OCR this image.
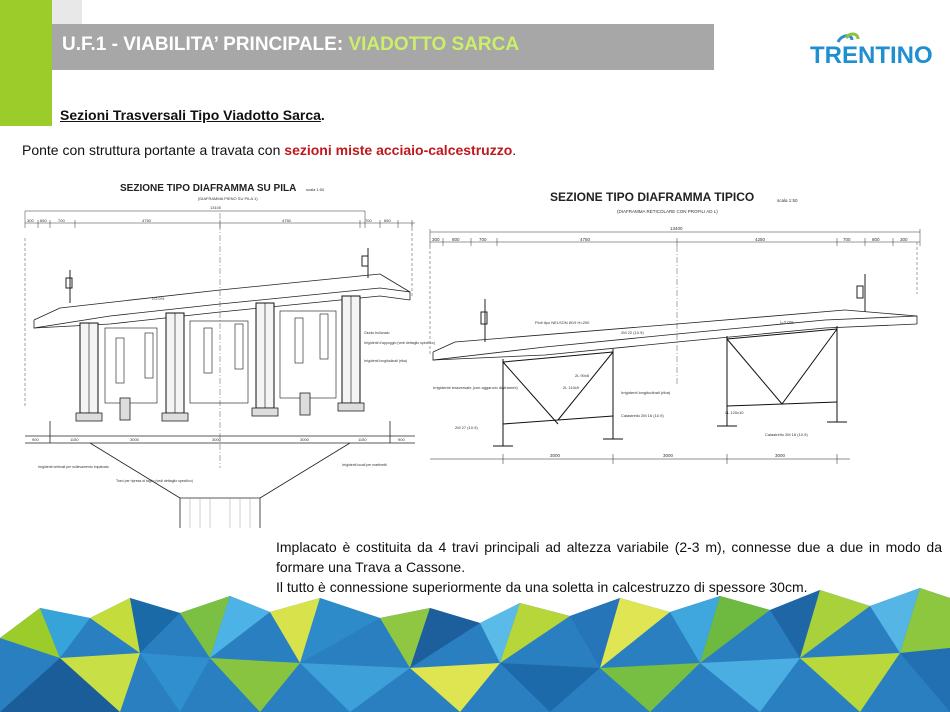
U.F.1 - VIABILITA’ PRINCIPALE: VIADOTTO SARCA	TRENTINO
Sezioni Trasversali Tipo Viadotto Sarca.
Ponte con struttura portante a travata con sezioni miste acciaio-calcestruzzo.
SEZIONE TIPO DIAFRAMMA SU PILA scala 1:50
(DIAFRAMMA PIENO SU PILA 1)
13100
300 650	700	4750	4750	700	650
i=2.0%
900	1150	3000	3000	3000	1150	900
Giunto bullonato
Irrigidenti d'appoggio (vedi dettaglio specifico)
Irrigidenti longitudinali (riba)
Irrigidenti verticali per sollevamento impalcato	Irrigidenti locali per martinetti
Travi per ripresa di taglio (vedi dettaglio specifico)
SEZIONE TIPO DIAFRAMMA TIPICO	scala 1:50
(DIAFRAMMA RETICOLARE CON PROFILI AD L)
13400
300	800	700	4750	4250	700	800	300
i=2.0%
3000	3000	3000
Pioli tipo NELSON Ø19 H=200
2M 22 (10.9)
2L 90x6
2L 110x9
Irrigidente trasversale (con aggancio diaframmi)
Irrigidenti longitudinali (riba)
Calastrello 2M 16 (10.9)
2M 27 (10.9)
2L 120x10
Calastrello 2M 16 (10.9)

Implacato è costituita da 4 travi principali ad altezza variabile (2-3 m), connesse due a due in modo da formare una Trava a Cassone.

Il tutto è connessione superiormente da una soletta in calcestruzzo di spessore 30cm.
